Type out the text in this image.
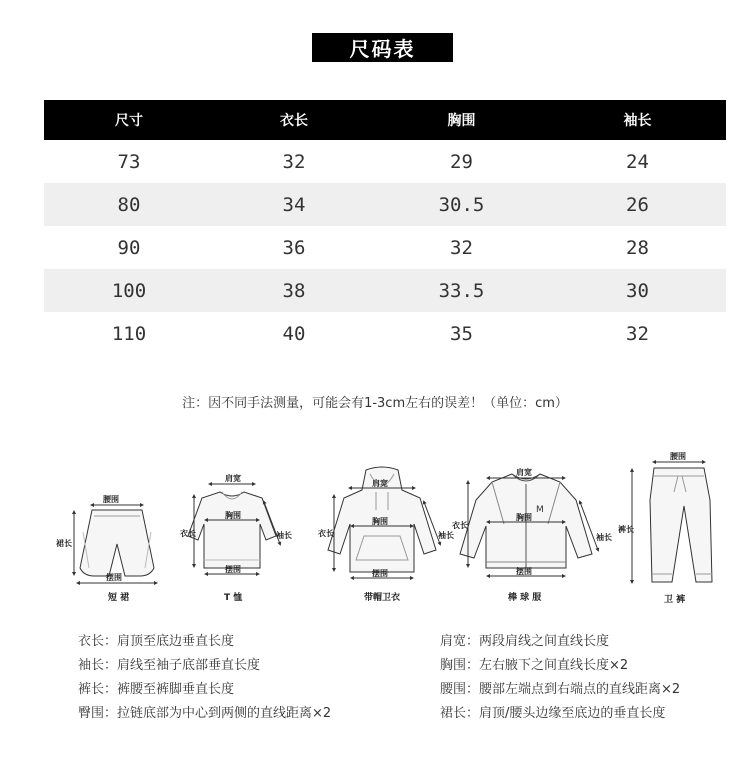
尺码表
尺寸	衣长	胸围	袖长
73	32	29	24
80	34	30.5	26
90	36	32	28
100	38	33.5	30
110	40	35	32
注：因不同手法测量，可能会有1-3cm左右的误差！（单位：cm）
M
腰围
裙长
摆围
短 裙
肩宽
胸围
衣长	袖长
摆围
T 恤
肩宽
胸围
衣长	袖长
摆围
带帽卫衣
肩宽
胸围
衣长
袖长
摆围
棒 球 服
腰围
裤长
卫 裤
衣长：肩顶至底边垂直长度
袖长：肩线至袖子底部垂直长度
裤长：裤腰至裤脚垂直长度
臀围：拉链底部为中心到两侧的直线距离×2
肩宽：两段肩线之间直线长度
胸围：左右腋下之间直线长度×2
腰围：腰部左端点到右端点的直线距离×2
裙长：肩顶/腰头边缘至底边的垂直长度
